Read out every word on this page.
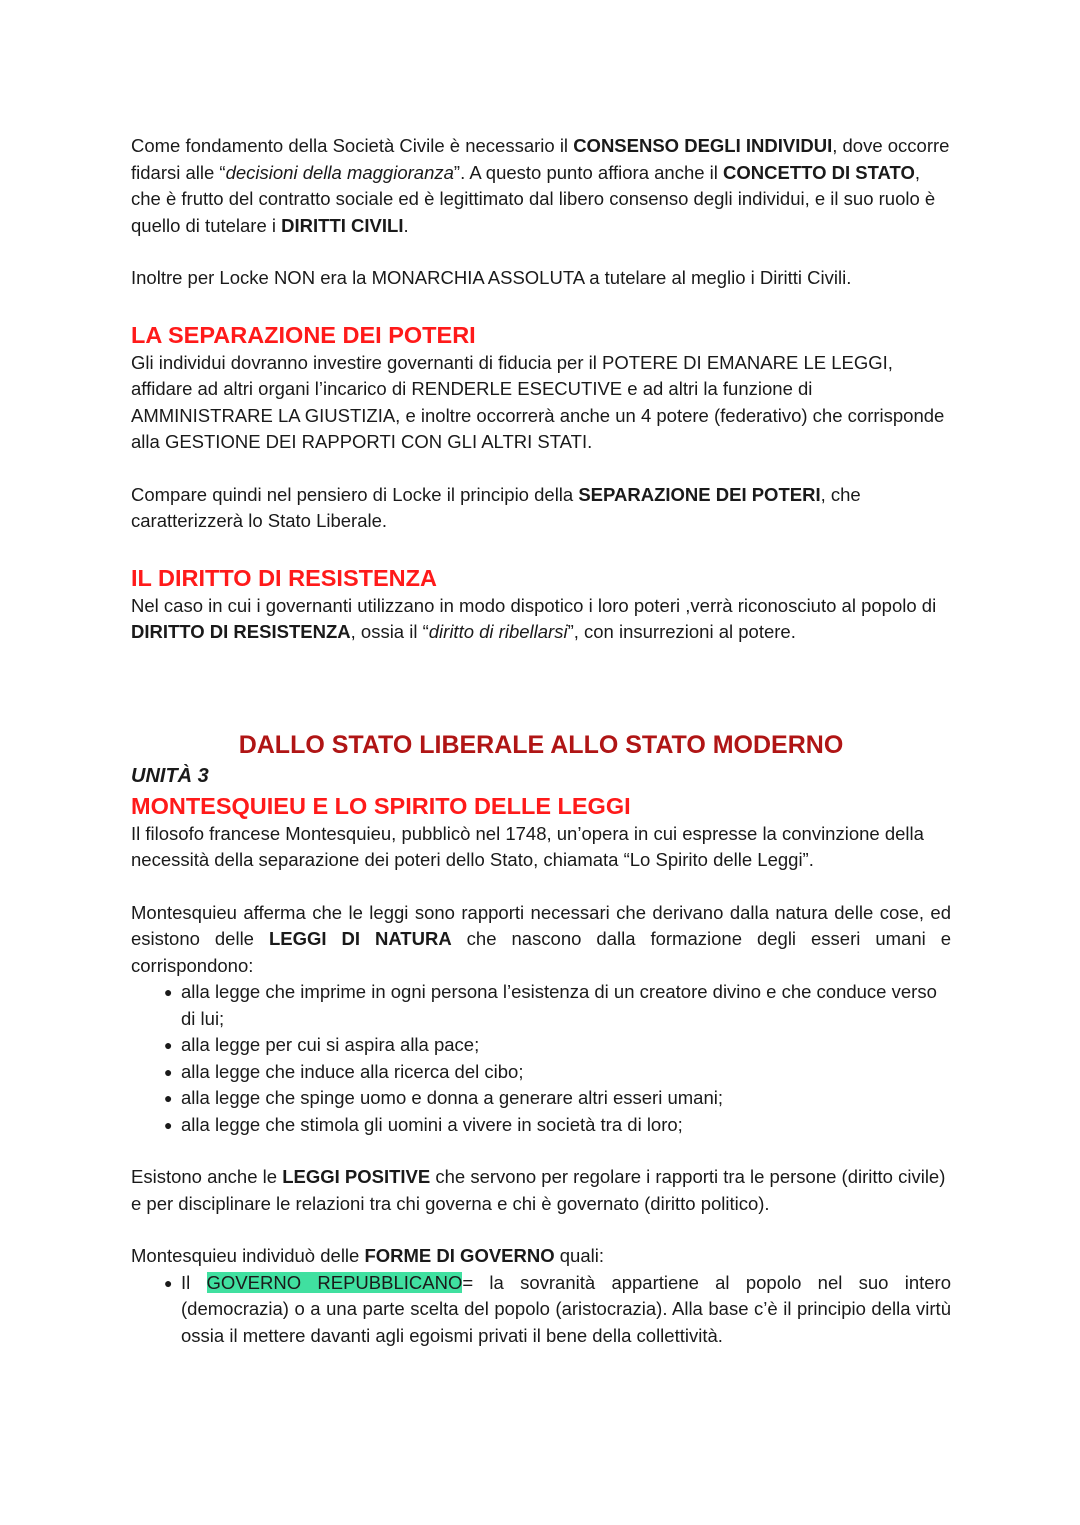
Come fondamento della Società Civile è necessario il CONSENSO DEGLI INDIVIDUI, dove occorre fidarsi alle “decisioni della maggioranza”. A questo punto affiora anche il CONCETTO DI STATO, che è frutto del contratto sociale ed è legittimato dal libero consenso degli individui, e il suo ruolo è quello di tutelare i DIRITTI CIVILI.

Inoltre per Locke NON era la MONARCHIA ASSOLUTA a tutelare al meglio i Diritti Civili.

LA SEPARAZIONE DEI POTERI

Gli individui dovranno investire governanti di fiducia per il POTERE DI EMANARE LE LEGGI, affidare ad altri organi l’incarico di RENDERLE ESECUTIVE e ad altri la funzione di AMMINISTRARE LA GIUSTIZIA, e inoltre occorrerà anche un 4 potere (federativo) che corrisponde alla GESTIONE DEI RAPPORTI CON GLI ALTRI STATI.

Compare quindi nel pensiero di Locke il principio della SEPARAZIONE DEI POTERI, che caratterizzerà lo Stato Liberale.

IL DIRITTO DI RESISTENZA

Nel caso in cui i governanti utilizzano in modo dispotico i loro poteri ,verrà riconosciuto al popolo di DIRITTO DI RESISTENZA, ossia il “diritto di ribellarsi”, con insurrezioni al potere.

DALLO STATO LIBERALE ALLO STATO MODERNO

UNITÀ 3

MONTESQUIEU E LO SPIRITO DELLE LEGGI

Il filosofo francese Montesquieu, pubblicò nel 1748, un’opera in cui espresse la convinzione della necessità della separazione dei poteri dello Stato, chiamata “Lo Spirito delle Leggi”.

Montesquieu afferma che le leggi sono rapporti necessari che derivano dalla natura delle cose, ed esistono delle LEGGI DI NATURA che nascono dalla formazione degli esseri umani e corrispondono:

● alla legge che imprime in ogni persona l’esistenza di un creatore divino e che conduce verso di lui;
● alla legge per cui si aspira alla pace;
● alla legge che induce alla ricerca del cibo;
● alla legge che spinge uomo e donna a generare altri esseri umani;
● alla legge che stimola gli uomini a vivere in società tra di loro;

Esistono anche le LEGGI POSITIVE che servono per regolare i rapporti tra le persone (diritto civile) e per disciplinare le relazioni tra chi governa e chi è governato (diritto politico).

Montesquieu individuò delle FORME DI GOVERNO quali:

● Il GOVERNO REPUBBLICANO= la sovranità appartiene al popolo nel suo intero (democrazia) o a una parte scelta del popolo (aristocrazia). Alla base c’è il principio della virtù ossia il mettere davanti agli egoismi privati il bene della collettività.
